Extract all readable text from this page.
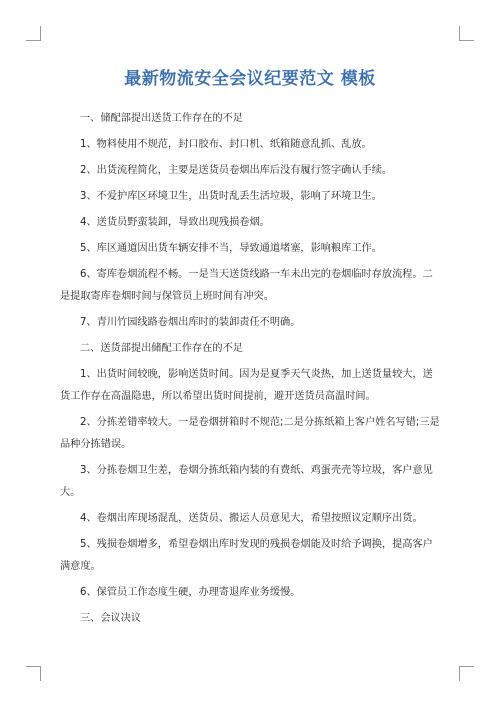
最新物流安全会议纪要范文 模板
一、储配部提出送货工作存在的不足
1、物料使用不规范，封口胶布、封口机、纸箱随意乱抓、乱放。
2、出货流程简化，主要是送货员卷烟出库后没有履行签字确认手续。
3、不爱护库区环境卫生，出货时乱丢生活垃圾，影响了环境卫生。
4、送货员野蛮装卸，导致出现残损卷烟。
5、库区通道因出货车辆安排不当，导致通道堵塞，影响粮库工作。
6、寄库卷烟流程不畅。一是当天送货线路一车未出完的卷烟临时存放流程。二
是提取寄库卷烟时间与保管员上班时间有冲突。
7、青川竹园线路卷烟出库时的装卸责任不明确。
二、送货部提出储配工作存在的不足
1、出货时间较晚，影响送货时间。因为是夏季天气炎热，加上送货量较大，送
货工作存在高温隐患，所以希望出货时间提前，避开送货员高温时间。
2、分拣差错率较大。一是卷烟拼箱时不规范;二是分拣纸箱上客户姓名写错;三是
品种分拣错误。
3、分拣卷烟卫生差，卷烟分拣纸箱内装的有费纸、鸡蛋壳壳等垃圾，客户意见
大。
4、卷烟出库现场混乱，送货员、搬运人员意见大，希望按照议定顺序出货。
5、残损卷烟增多，希望卷烟出库时发现的残损卷烟能及时给予调换，提高客户
满意度。
6、保管员工作态度生硬，办理寄退库业务缓慢。
三、会议决议
